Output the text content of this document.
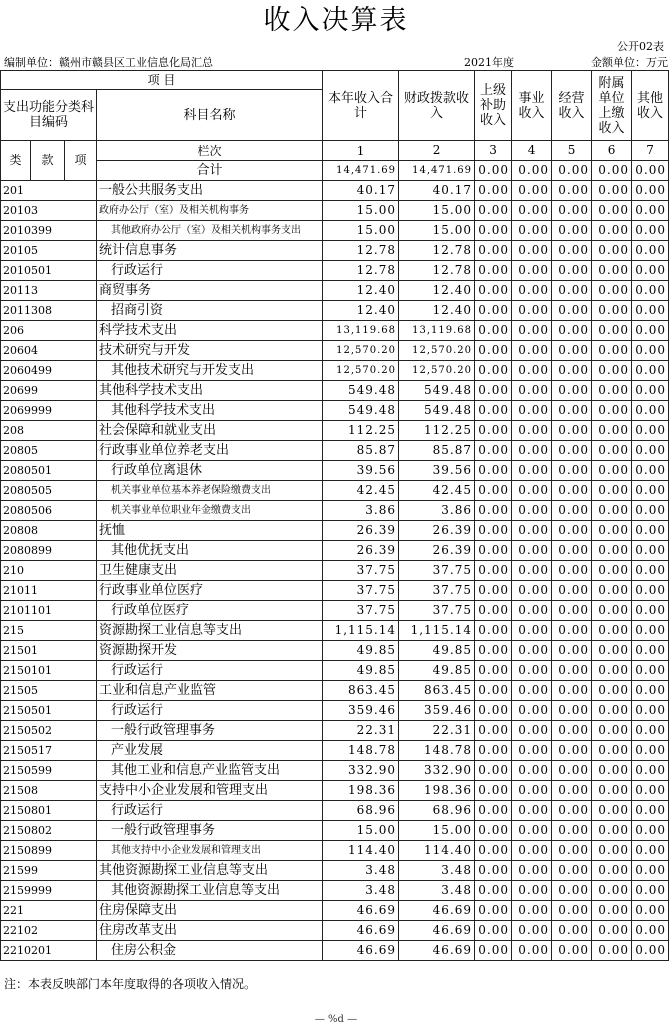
收入决算表
公开02表
编制单位：赣州市赣县区工业信息化局汇总	2021年度	金额单位：万元
项 目				本年收入合计	财政拨款收入	上级补助收入	事业收入	经营收入	附属单位上缴收入	其他收入
支出功能分类科目编码			科目名称							

类	款	项	栏次	1	2	3	4	5	6	7
			合计	14,471.69	14,471.69	0.00	0.00	0.00	0.00	0.00
201			一般公共服务支出	40.17	40.17	0.00	0.00	0.00	0.00	0.00
20103			政府办公厅（室）及相关机构事务	15.00	15.00	0.00	0.00	0.00	0.00	0.00
2010399			其他政府办公厅（室）及相关机构事务支出	15.00	15.00	0.00	0.00	0.00	0.00	0.00
20105			统计信息事务	12.78	12.78	0.00	0.00	0.00	0.00	0.00
2010501			行政运行	12.78	12.78	0.00	0.00	0.00	0.00	0.00
20113			商贸事务	12.40	12.40	0.00	0.00	0.00	0.00	0.00
2011308			招商引资	12.40	12.40	0.00	0.00	0.00	0.00	0.00
206			科学技术支出	13,119.68	13,119.68	0.00	0.00	0.00	0.00	0.00
20604			技术研究与开发	12,570.20	12,570.20	0.00	0.00	0.00	0.00	0.00
2060499			其他技术研究与开发支出	12,570.20	12,570.20	0.00	0.00	0.00	0.00	0.00
20699			其他科学技术支出	549.48	549.48	0.00	0.00	0.00	0.00	0.00
2069999			其他科学技术支出	549.48	549.48	0.00	0.00	0.00	0.00	0.00
208			社会保障和就业支出	112.25	112.25	0.00	0.00	0.00	0.00	0.00
20805			行政事业单位养老支出	85.87	85.87	0.00	0.00	0.00	0.00	0.00
2080501			行政单位离退休	39.56	39.56	0.00	0.00	0.00	0.00	0.00
2080505			机关事业单位基本养老保险缴费支出	42.45	42.45	0.00	0.00	0.00	0.00	0.00
2080506			机关事业单位职业年金缴费支出	3.86	3.86	0.00	0.00	0.00	0.00	0.00
20808			抚恤	26.39	26.39	0.00	0.00	0.00	0.00	0.00
2080899			其他优抚支出	26.39	26.39	0.00	0.00	0.00	0.00	0.00
210			卫生健康支出	37.75	37.75	0.00	0.00	0.00	0.00	0.00
21011			行政事业单位医疗	37.75	37.75	0.00	0.00	0.00	0.00	0.00
2101101			行政单位医疗	37.75	37.75	0.00	0.00	0.00	0.00	0.00
215			资源勘探工业信息等支出	1,115.14	1,115.14	0.00	0.00	0.00	0.00	0.00
21501			资源勘探开发	49.85	49.85	0.00	0.00	0.00	0.00	0.00
2150101			行政运行	49.85	49.85	0.00	0.00	0.00	0.00	0.00
21505			工业和信息产业监管	863.45	863.45	0.00	0.00	0.00	0.00	0.00
2150501			行政运行	359.46	359.46	0.00	0.00	0.00	0.00	0.00
2150502			一般行政管理事务	22.31	22.31	0.00	0.00	0.00	0.00	0.00
2150517			产业发展	148.78	148.78	0.00	0.00	0.00	0.00	0.00
2150599			其他工业和信息产业监管支出	332.90	332.90	0.00	0.00	0.00	0.00	0.00
21508			支持中小企业发展和管理支出	198.36	198.36	0.00	0.00	0.00	0.00	0.00
2150801			行政运行	68.96	68.96	0.00	0.00	0.00	0.00	0.00
2150802			一般行政管理事务	15.00	15.00	0.00	0.00	0.00	0.00	0.00
2150899			其他支持中小企业发展和管理支出	114.40	114.40	0.00	0.00	0.00	0.00	0.00
21599			其他资源勘探工业信息等支出	3.48	3.48	0.00	0.00	0.00	0.00	0.00
2159999			其他资源勘探工业信息等支出	3.48	3.48	0.00	0.00	0.00	0.00	0.00
221			住房保障支出	46.69	46.69	0.00	0.00	0.00	0.00	0.00
22102			住房改革支出	46.69	46.69	0.00	0.00	0.00	0.00	0.00
2210201			住房公积金	46.69	46.69	0.00	0.00	0.00	0.00	0.00
注：本表反映部门本年度取得的各项收入情况。
— %d —
